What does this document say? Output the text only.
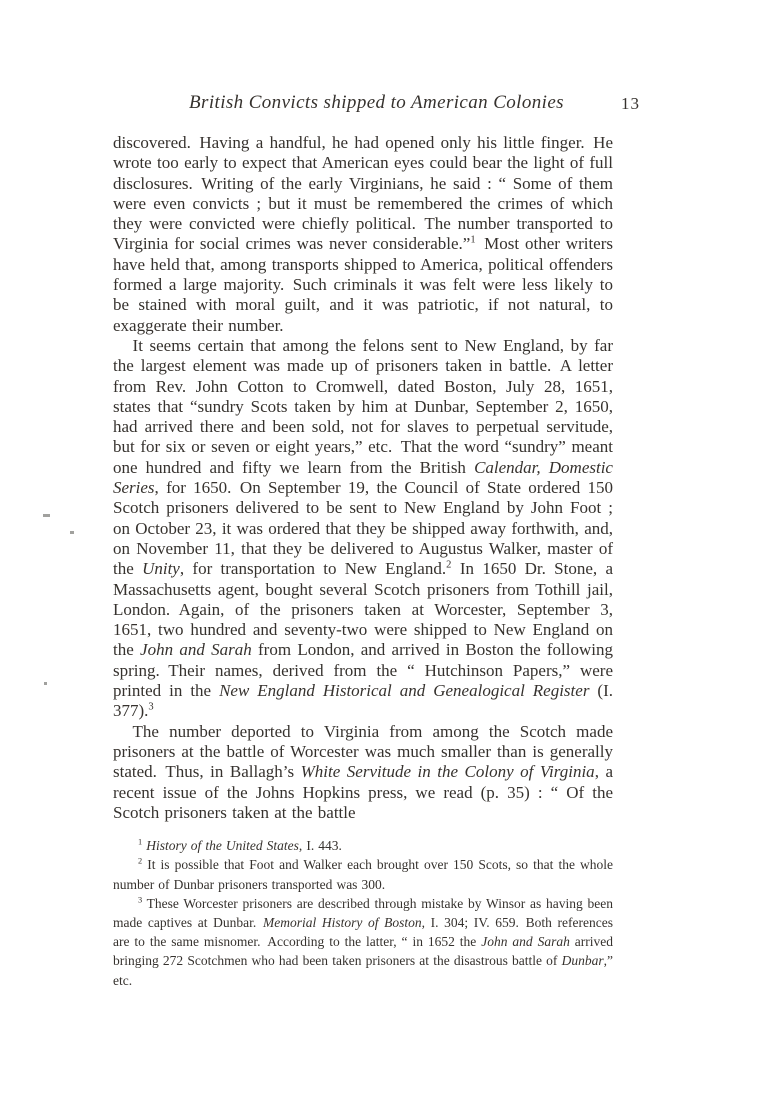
British Convicts shipped to American Colonies	13

discovered. Having a handful, he had opened only his little finger. He wrote too early to expect that American eyes could bear the light of full disclosures. Writing of the early Virginians, he said : “ Some of them were even convicts ; but it must be remembered the crimes of which they were convicted were chiefly political. The number transported to Virginia for social crimes was never considerable.”$^1$ Most other writers have held that, among transports shipped to America, political offenders formed a large majority. Such criminals it was felt were less likely to be stained with moral guilt, and it was patriotic, if not natural, to exaggerate their number.

It seems certain that among the felons sent to New England, by far the largest element was made up of prisoners taken in battle. A letter from Rev. John Cotton to Cromwell, dated Boston, July 28, 1651, states that “sundry Scots taken by him at Dunbar, September 2, 1650, had arrived there and been sold, not for slaves to perpetual servitude, but for six or seven or eight years,” etc. That the word “sundry” meant one hundred and fifty we learn from the British Calendar, Domestic Series, for 1650. On September 19, the Council of State ordered 150 Scotch prisoners delivered to be sent to New England by John Foot ; on October 23, it was ordered that they be shipped away forthwith, and, on November 11, that they be delivered to Augustus Walker, master of the Unity, for transportation to New England.$^2$ In 1650 Dr. Stone, a Massachusetts agent, bought several Scotch prisoners from Tothill jail, London. Again, of the prisoners taken at Worcester, September 3, 1651, two hundred and seventy-two were shipped to New England on the John and Sarah from London, and arrived in Boston the following spring. Their names, derived from the “ Hutchinson Papers,” were printed in the New England Historical and Genealogical Register (I. 377).$^3$

The number deported to Virginia from among the Scotch made prisoners at the battle of Worcester was much smaller than is generally stated. Thus, in Ballagh’s White Servitude in the Colony of Virginia, a recent issue of the Johns Hopkins press, we read (p. 35) : “ Of the Scotch prisoners taken at the battle

$^1$ History of the United States, I. 443.

$^2$ It is possible that Foot and Walker each brought over 150 Scots, so that the whole number of Dunbar prisoners transported was 300.

$^3$ These Worcester prisoners are described through mistake by Winsor as having been made captives at Dunbar. Memorial History of Boston, I. 304; IV. 659. Both references are to the same misnomer. According to the latter, “ in 1652 the John and Sarah arrived bringing 272 Scotchmen who had been taken prisoners at the disastrous battle of Dunbar,” etc.
